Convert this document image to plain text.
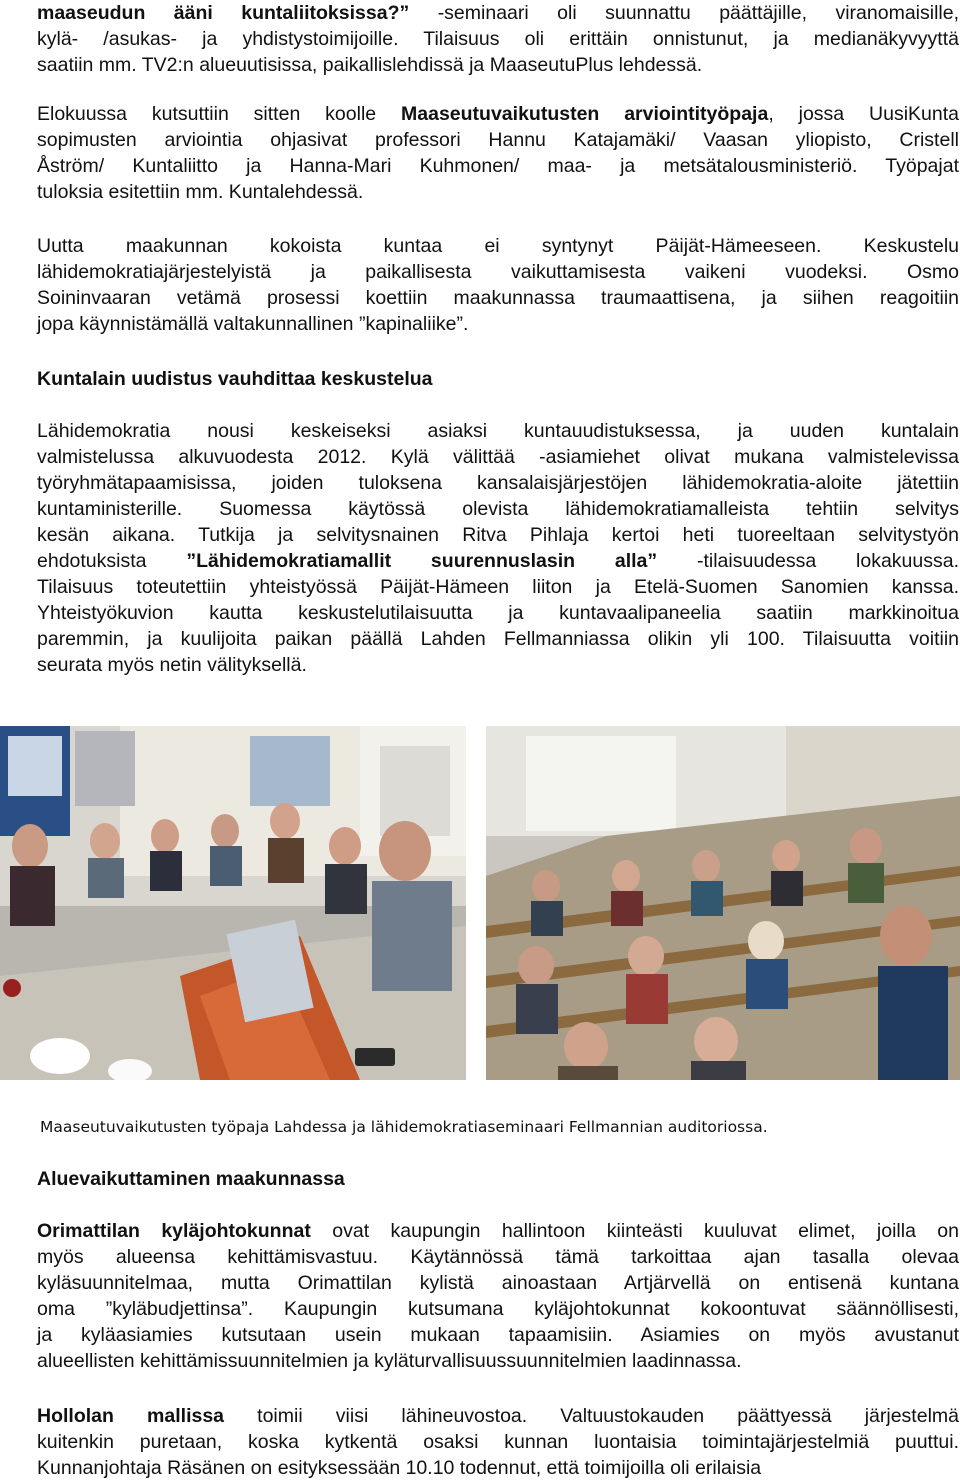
maaseudun ääni kuntaliitoksissa?” -seminaari oli suunnattu päättäjille, viranomaisille,
kylä- /asukas- ja yhdistystoimijoille. Tilaisuus oli erittäin onnistunut, ja medianäkyvyyttä
saatiin mm. TV2:n alueuutisissa, paikallislehdissä ja MaaseutuPlus lehdessä.
Elokuussa kutsuttiin sitten koolle Maaseutuvaikutusten arviointityöpaja, jossa UusiKunta
sopimusten arviointia ohjasivat professori Hannu Katajamäki/ Vaasan yliopisto, Cristell
Åström/ Kuntaliitto ja Hanna-Mari Kuhmonen/ maa- ja metsätalousministeriö. Työpajat
tuloksia esitettiin mm. Kuntalehdessä.
Uutta maakunnan kokoista kuntaa ei syntynyt Päijät-Hämeeseen. Keskustelu
lähidemokratiajärjestelyistä ja paikallisesta vaikuttamisesta vaikeni vuodeksi. Osmo
Soininvaaran vetämä prosessi koettiin maakunnassa traumaattisena, ja siihen reagoitiin
jopa käynnistämällä valtakunnallinen ”kapinaliike”.
Kuntalain uudistus vauhdittaa keskustelua
Lähidemokratia nousi keskeiseksi asiaksi kuntauudistuksessa, ja uuden kuntalain
valmistelussa alkuvuodesta 2012. Kylä välittää -asiamiehet olivat mukana valmistelevissa
työryhmätapaamisissa, joiden tuloksena kansalaisjärjestöjen lähidemokratia-aloite jätettiin
kuntaministerille. Suomessa käytössä olevista lähidemokratiamalleista tehtiin selvitys
kesän aikana. Tutkija ja selvitysnainen Ritva Pihlaja kertoi heti tuoreeltaan selvitystyön
ehdotuksista ”Lähidemokratiamallit suurennuslasin alla” -tilaisuudessa lokakuussa.
Tilaisuus toteutettiin yhteistyössä Päijät-Hämeen liiton ja Etelä-Suomen Sanomien kanssa.
Yhteistyökuvion kautta keskustelutilaisuutta ja kuntavaalipaneelia saatiin markkinoitua
paremmin, ja kuulijoita paikan päällä Lahden Fellmanniassa olikin yli 100. Tilaisuutta voitiin
seurata myös netin välityksellä.
Maaseutuvaikutusten työpaja Lahdessa ja lähidemokratiaseminaari Fellmannian auditoriossa.
Aluevaikuttaminen maakunnassa
Orimattilan kyläjohtokunnat ovat kaupungin hallintoon kiinteästi kuuluvat elimet, joilla on
myös alueensa kehittämisvastuu. Käytännössä tämä tarkoittaa ajan tasalla olevaa
kyläsuunnitelmaa, mutta Orimattilan kylistä ainoastaan Artjärvellä on entisenä kuntana
oma ”kyläbudjettinsa”. Kaupungin kutsumana kyläjohtokunnat kokoontuvat säännöllisesti,
ja kyläasiamies kutsutaan usein mukaan tapaamisiin. Asiamies on myös avustanut
alueellisten kehittämissuunnitelmien ja kyläturvallisuussuunnitelmien laadinnassa.
Hollolan mallissa toimii viisi lähineuvostoa. Valtuustokauden päättyessä järjestelmä
kuitenkin puretaan, koska kytkentä osaksi kunnan luontaisia toimintajärjestelmiä puuttui.
Kunnanjohtaja Räsänen on esityksessään 10.10 todennut, että toimijoilla oli erilaisia
